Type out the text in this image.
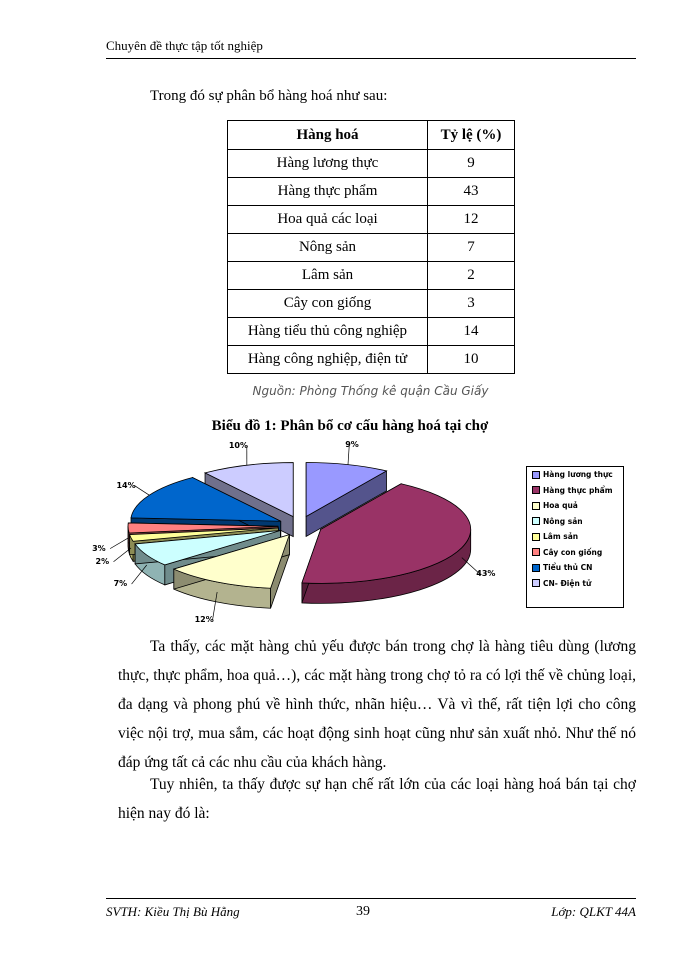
Chuyên đề thực tập tốt nghiệp
Trong đó sự phân bổ hàng hoá như sau:
Hàng hoá	Tỷ lệ (%)
Hàng lương thực	9
Hàng thực phẩm	43
Hoa quả các loại	12
Nông sản	7
Lâm sản	2
Cây con giống	3
Hàng tiểu thủ công nghiệp	14
Hàng công nghiệp, điện tử	10
Nguồn: Phòng Thống kê quận Cầu Giấy
Biểu đồ 1: Phân bổ cơ cấu hàng hoá tại chợ
9%
43%
12%
7%
2%
3%
14%
10%
Hàng lương thực
Hàng thực phẩm
Hoa quả
Nông sản
Lâm sản
Cây con giống
Tiểu thủ CN
CN- Điện tử
Ta thấy, các mặt hàng chủ yếu được bán trong chợ là hàng tiêu dùng (lương thực, thực phẩm, hoa quả…), các mặt hàng trong chợ tỏ ra có lợi thế về chủng loại, đa dạng và phong phú về hình thức, nhãn hiệu… Và vì thế, rất tiện lợi cho công việc nội trợ, mua sắm, các hoạt động sinh hoạt cũng như sản xuất nhỏ. Như thế nó đáp ứng tất cả các nhu cầu của khách hàng.
Tuy nhiên, ta thấy được sự hạn chế rất lớn của các loại hàng hoá bán tại chợ hiện nay đó là:
SVTH: Kiều Thị Bù Hằng	39	Lớp: QLKT 44A
